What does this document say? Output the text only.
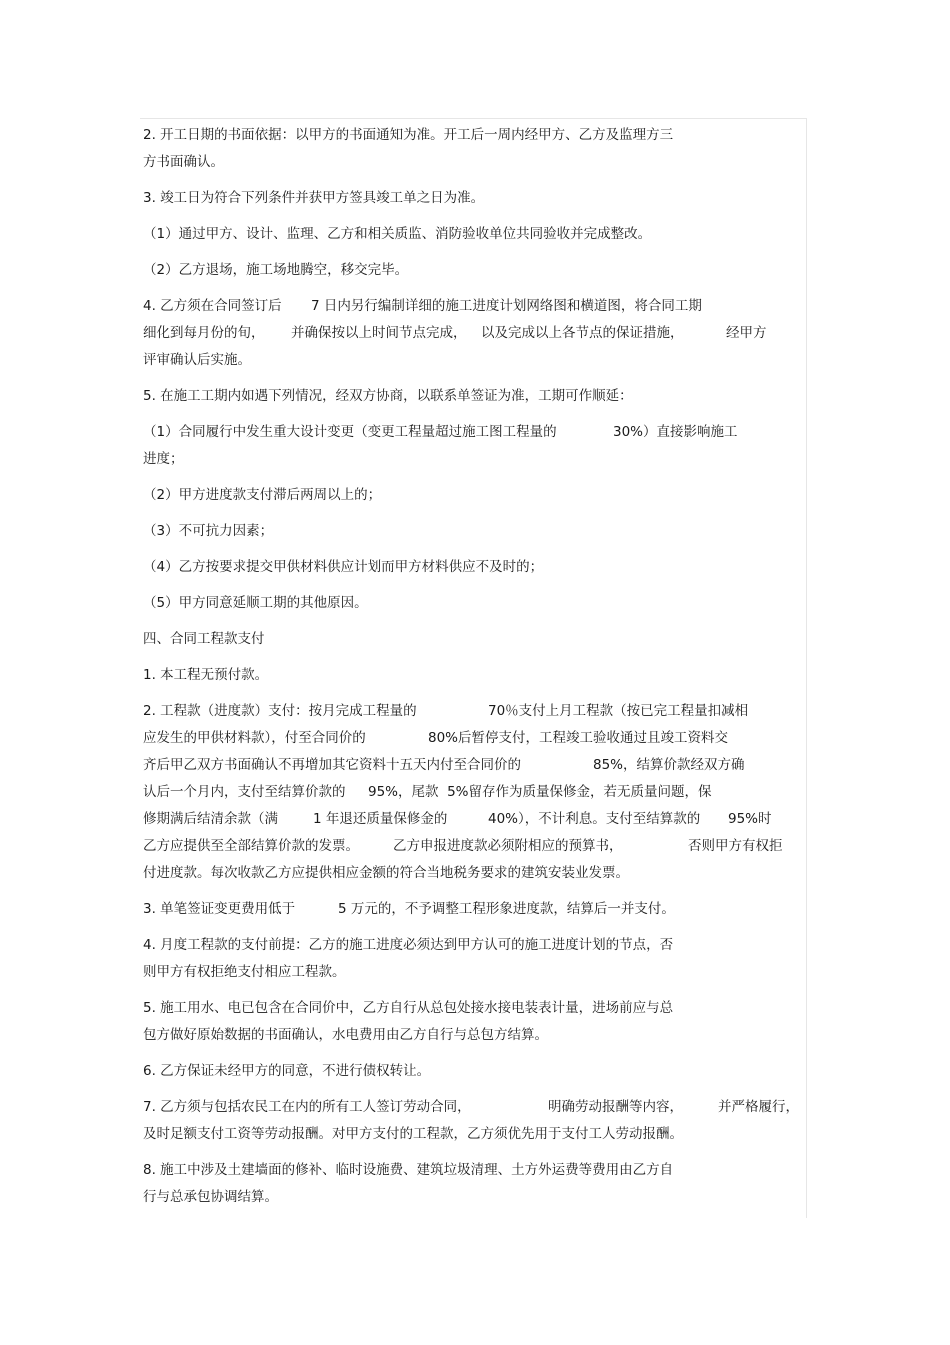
2. 开工日期的书面依据：以甲方的书面通知为准。开工后一周内经甲方、乙方及监理方三
方书面确认。
3. 竣工日为符合下列条件并获甲方签具竣工单之日为准。
（1）通过甲方、设计、监理、乙方和相关质监、消防验收单位共同验收并完成整改。
（2）乙方退场，施工场地腾空，移交完毕。
4. 乙方须在合同签订后	7 日内另行编制详细的施工进度计划网络图和横道图，将合同工期
细化到每月份的旬，	并确保按以上时间节点完成，	以及完成以上各节点的保证措施，	经甲方
评审确认后实施。
5. 在施工工期内如遇下列情况，经双方协商，以联系单签证为准，工期可作顺延：
（1）合同履行中发生重大设计变更（变更工程量超过施工图工程量的	30%）直接影响施工
进度；
（2）甲方进度款支付滞后两周以上的；
（3）不可抗力因素；
（4）乙方按要求提交甲供材料供应计划而甲方材料供应不及时的；
（5）甲方同意延顺工期的其他原因。
四、合同工程款支付
1. 本工程无预付款。
2. 工程款（进度款）支付：按月完成工程量的	70％支付上月工程款（按已完工程量扣减相
应发生的甲供材料款），付至合同价的	80%后暂停支付，工程竣工验收通过且竣工资料交
齐后甲乙双方书面确认不再增加其它资料十五天内付至合同价的	85%，结算价款经双方确
认后一个月内，支付至结算价款的	95%，尾款  5%留存作为质量保修金，若无质量问题，保
修期满后结清余款（满	1 年退还质量保修金的	40%），不计利息。支付至结算款的	95%时
乙方应提供至全部结算价款的发票。	乙方申报进度款必须附相应的预算书，	否则甲方有权拒
付进度款。每次收款乙方应提供相应金额的符合当地税务要求的建筑安装业发票。
3. 单笔签证变更费用低于	5 万元的，不予调整工程形象进度款，结算后一并支付。
4. 月度工程款的支付前提：乙方的施工进度必须达到甲方认可的施工进度计划的节点，否
则甲方有权拒绝支付相应工程款。
5. 施工用水、电已包含在合同价中，乙方自行从总包处接水接电装表计量，进场前应与总
包方做好原始数据的书面确认，水电费用由乙方自行与总包方结算。
6. 乙方保证未经甲方的同意，不进行债权转让。
7. 乙方须与包括农民工在内的所有工人签订劳动合同，	明确劳动报酬等内容，	并严格履行，
及时足额支付工资等劳动报酬。对甲方支付的工程款，乙方须优先用于支付工人劳动报酬。
8. 施工中涉及土建墙面的修补、临时设施费、建筑垃圾清理、土方外运费等费用由乙方自
行与总承包协调结算。
